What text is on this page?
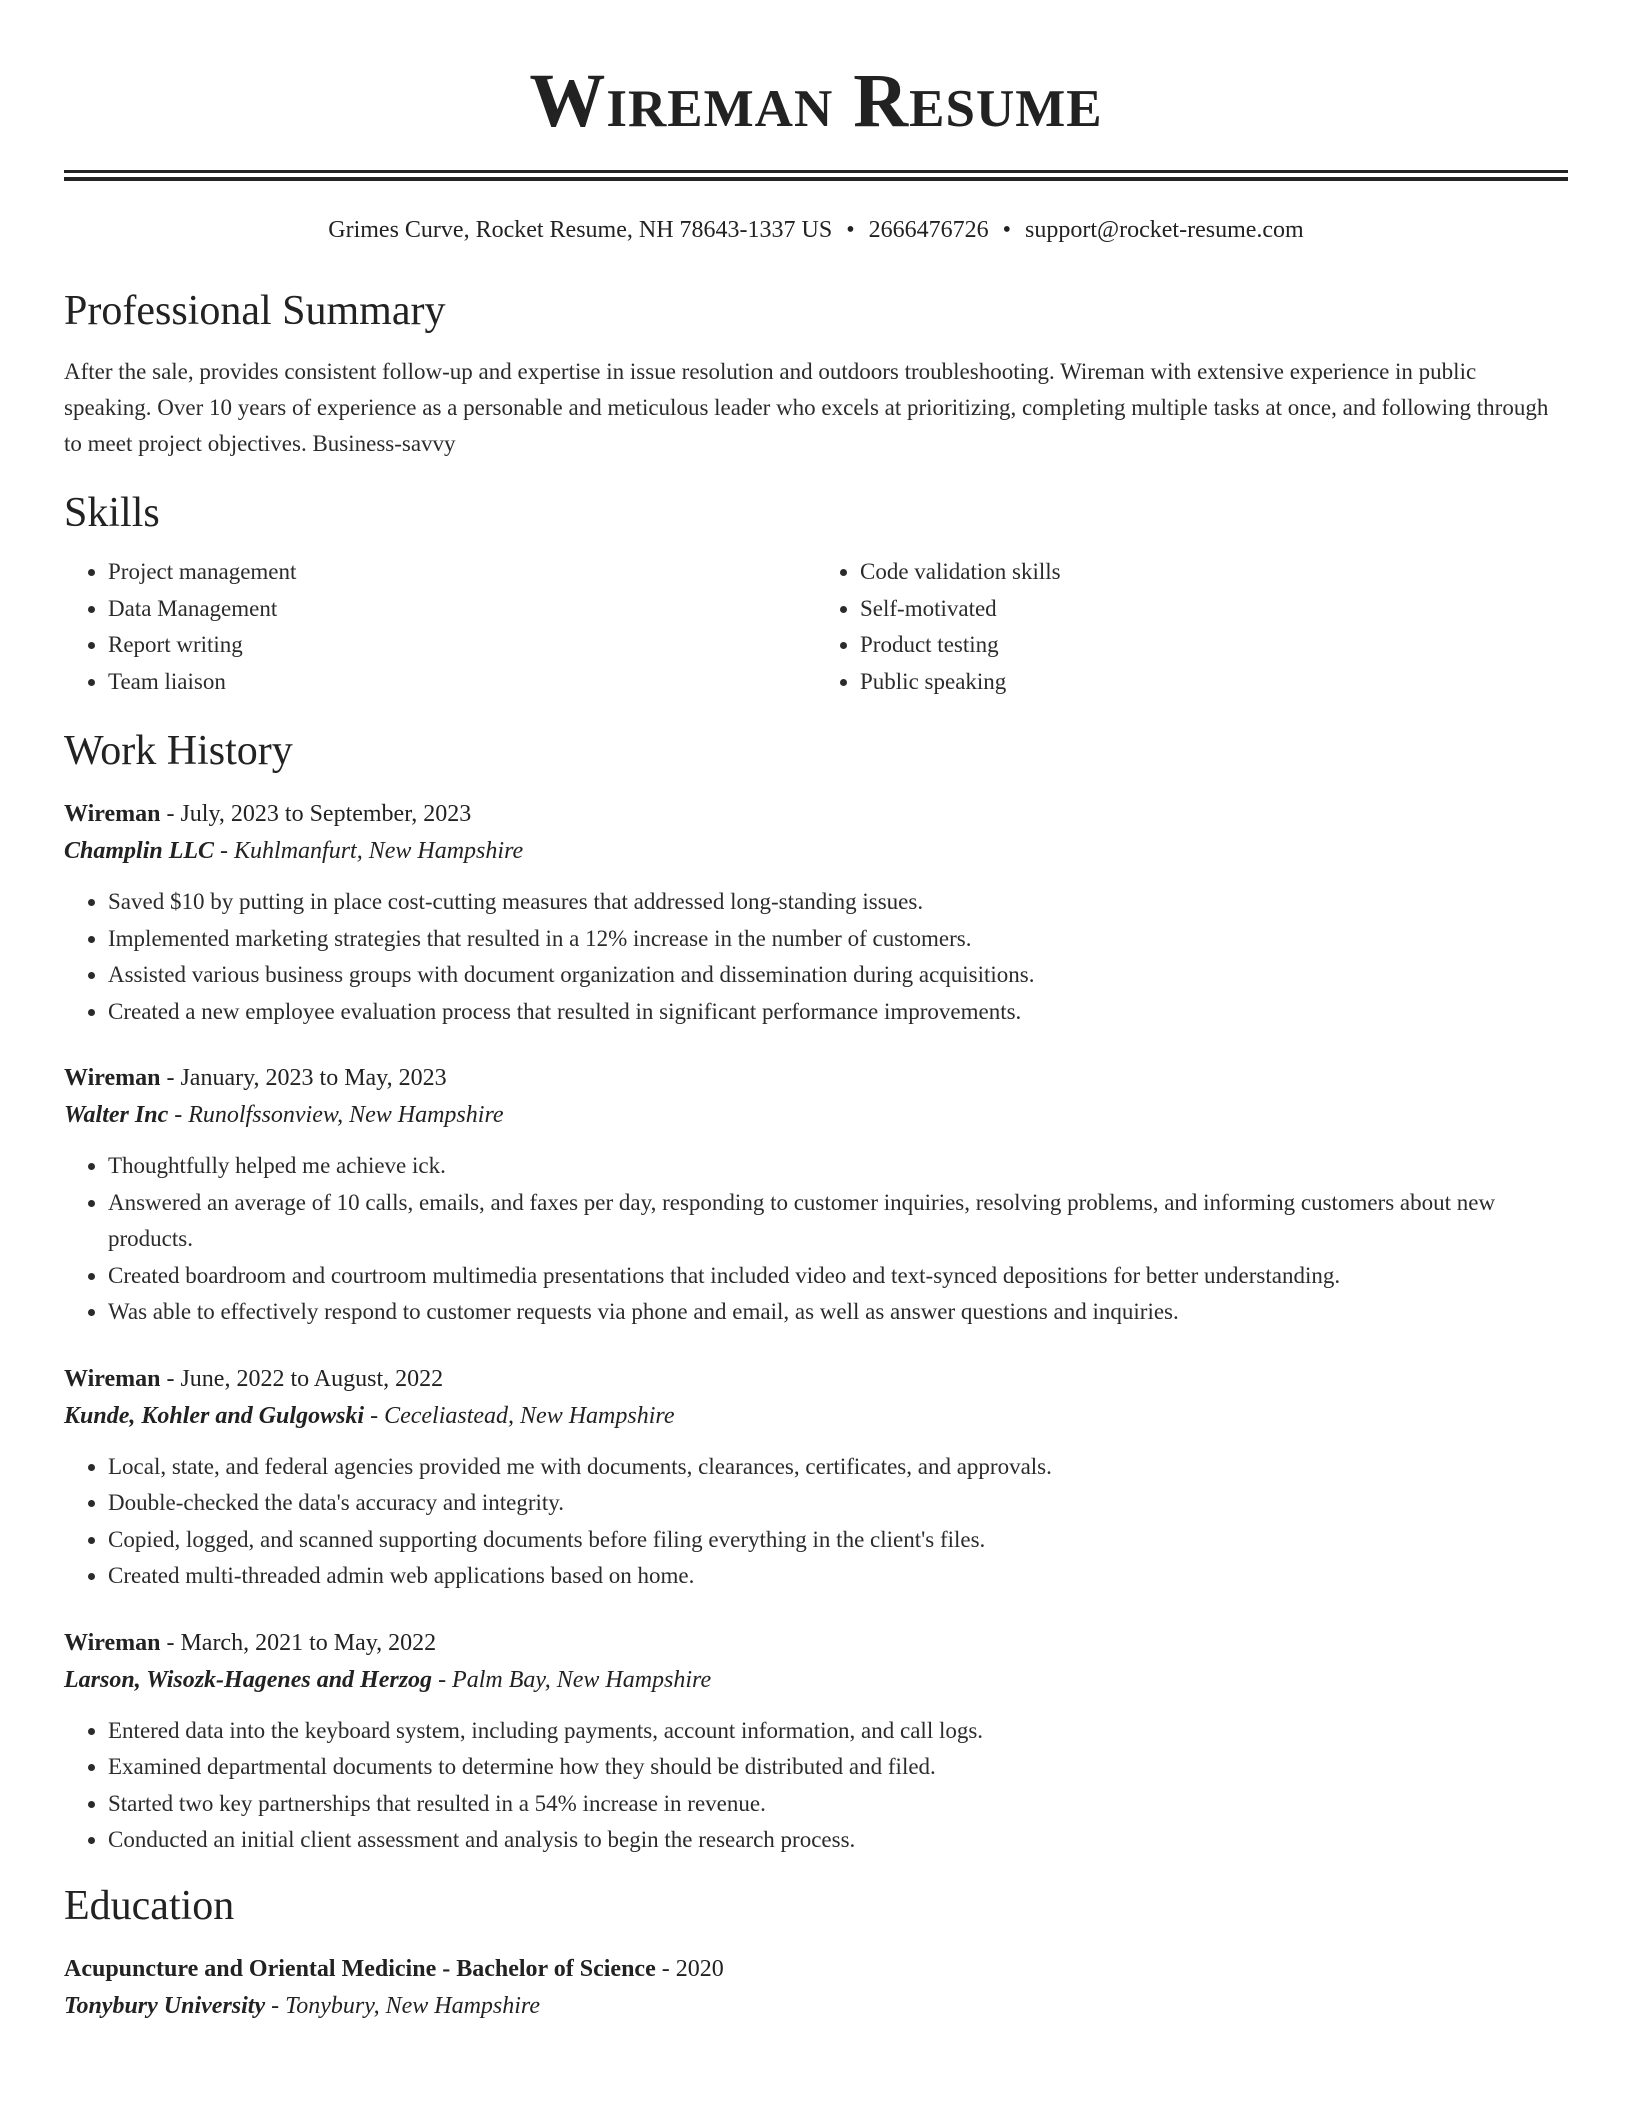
Wireman Resume
Grimes Curve, Rocket Resume, NH 78643-1337 US • 2666476726 • support@rocket-resume.com
Professional Summary

After the sale, provides consistent follow-up and expertise in issue resolution and outdoors troubleshooting. Wireman with extensive experience in public speaking. Over 10 years of experience as a personable and meticulous leader who excels at prioritizing, completing multiple tasks at once, and following through to meet project objectives. Business-savvy

Skills
• Project management
• Data Management
• Report writing
• Team liaison
• Code validation skills
• Self-motivated
• Product testing
• Public speaking
Work History
Wireman - July, 2023 to September, 2023
Champlin LLC - Kuhlmanfurt, New Hampshire
• Saved $10 by putting in place cost-cutting measures that addressed long-standing issues.
• Implemented marketing strategies that resulted in a 12% increase in the number of customers.
• Assisted various business groups with document organization and dissemination during acquisitions.
• Created a new employee evaluation process that resulted in significant performance improvements.
Wireman - January, 2023 to May, 2023
Walter Inc - Runolfssonview, New Hampshire
• Thoughtfully helped me achieve ick.
• Answered an average of 10 calls, emails, and faxes per day, responding to customer inquiries, resolving problems, and informing customers about new products.
• Created boardroom and courtroom multimedia presentations that included video and text-synced depositions for better understanding.
• Was able to effectively respond to customer requests via phone and email, as well as answer questions and inquiries.
Wireman - June, 2022 to August, 2022
Kunde, Kohler and Gulgowski - Ceceliastead, New Hampshire
• Local, state, and federal agencies provided me with documents, clearances, certificates, and approvals.
• Double-checked the data's accuracy and integrity.
• Copied, logged, and scanned supporting documents before filing everything in the client's files.
• Created multi-threaded admin web applications based on home.
Wireman - March, 2021 to May, 2022
Larson, Wisozk-Hagenes and Herzog - Palm Bay, New Hampshire
• Entered data into the keyboard system, including payments, account information, and call logs.
• Examined departmental documents to determine how they should be distributed and filed.
• Started two key partnerships that resulted in a 54% increase in revenue.
• Conducted an initial client assessment and analysis to begin the research process.
Education
Acupuncture and Oriental Medicine - Bachelor of Science - 2020
Tonybury University - Tonybury, New Hampshire
